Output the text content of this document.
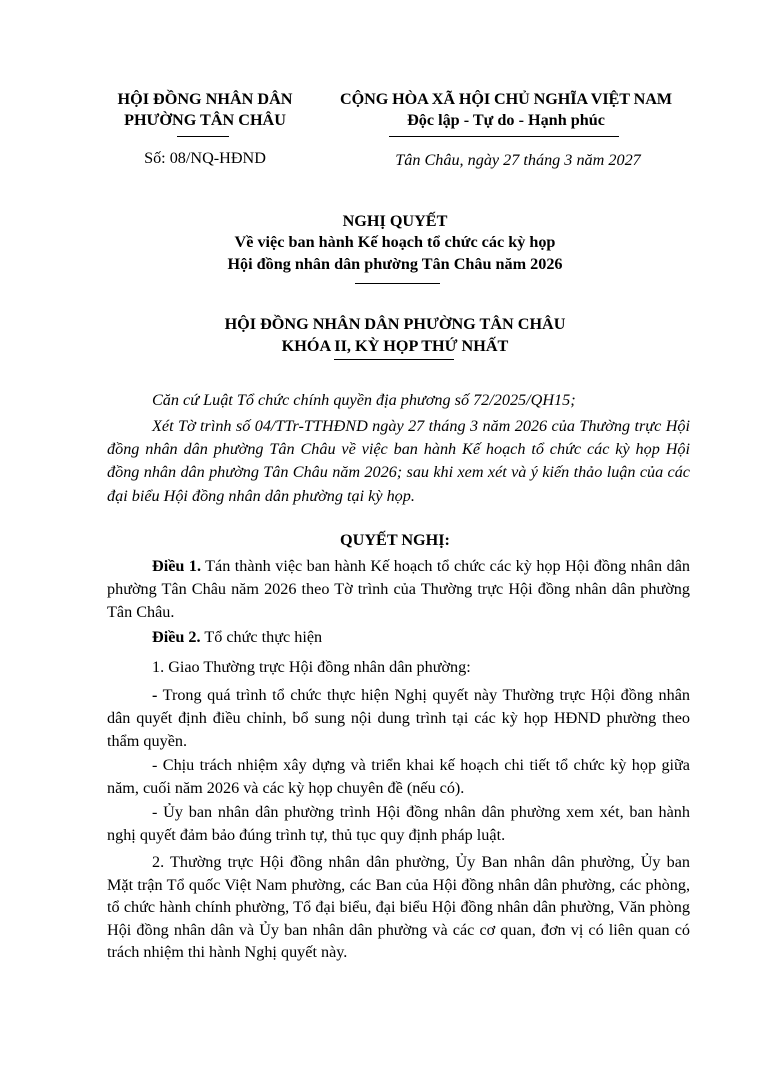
HỘI ĐỒNG NHÂN DÂN
PHƯỜNG TÂN CHÂU
Số: 08/NQ-HĐND
CỘNG HÒA XÃ HỘI CHỦ NGHĨA VIỆT NAM
Độc lập - Tự do - Hạnh phúc
Tân Châu, ngày 27 tháng 3 năm 2027
NGHỊ QUYẾT
Về việc ban hành Kế hoạch tổ chức các kỳ họp
Hội đồng nhân dân phường Tân Châu năm 2026
HỘI ĐỒNG NHÂN DÂN PHƯỜNG TÂN CHÂU
KHÓA II, KỲ HỌP THỨ NHẤT
Căn cứ Luật Tổ chức chính quyền địa phương số 72/2025/QH15;
Xét Tờ trình số 04/TTr-TTHĐND ngày 27 tháng 3 năm 2026 của Thường trực Hội đồng nhân dân phường Tân Châu về việc ban hành Kế hoạch tổ chức các kỳ họp Hội đồng nhân dân phường Tân Châu năm 2026; sau khi xem xét và ý kiến thảo luận của các đại biểu Hội đồng nhân dân phường tại kỳ họp.
QUYẾT NGHỊ:
Điều 1. Tán thành việc ban hành Kế hoạch tổ chức các kỳ họp Hội đồng nhân dân phường Tân Châu năm 2026 theo Tờ trình của Thường trực Hội đồng nhân dân phường Tân Châu.
Điều 2. Tổ chức thực hiện
1. Giao Thường trực Hội đồng nhân dân phường:
- Trong quá trình tổ chức thực hiện Nghị quyết này Thường trực Hội đồng nhân dân quyết định điều chỉnh, bổ sung nội dung trình tại các kỳ họp HĐND phường theo thẩm quyền.
- Chịu trách nhiệm xây dựng và triển khai kế hoạch chi tiết tổ chức kỳ họp giữa năm, cuối năm 2026 và các kỳ họp chuyên đề (nếu có).
- Ủy ban nhân dân phường trình Hội đồng nhân dân phường xem xét, ban hành nghị quyết đảm bảo đúng trình tự, thủ tục quy định pháp luật.
2. Thường trực Hội đồng nhân dân phường, Ủy Ban nhân dân phường, Ủy ban Mặt trận Tổ quốc Việt Nam phường, các Ban của Hội đồng nhân dân phường, các phòng, tổ chức hành chính phường, Tổ đại biểu, đại biểu Hội đồng nhân dân phường, Văn phòng Hội đồng nhân dân và Ủy ban nhân dân phường và các cơ quan, đơn vị có liên quan có trách nhiệm thi hành Nghị quyết này.
